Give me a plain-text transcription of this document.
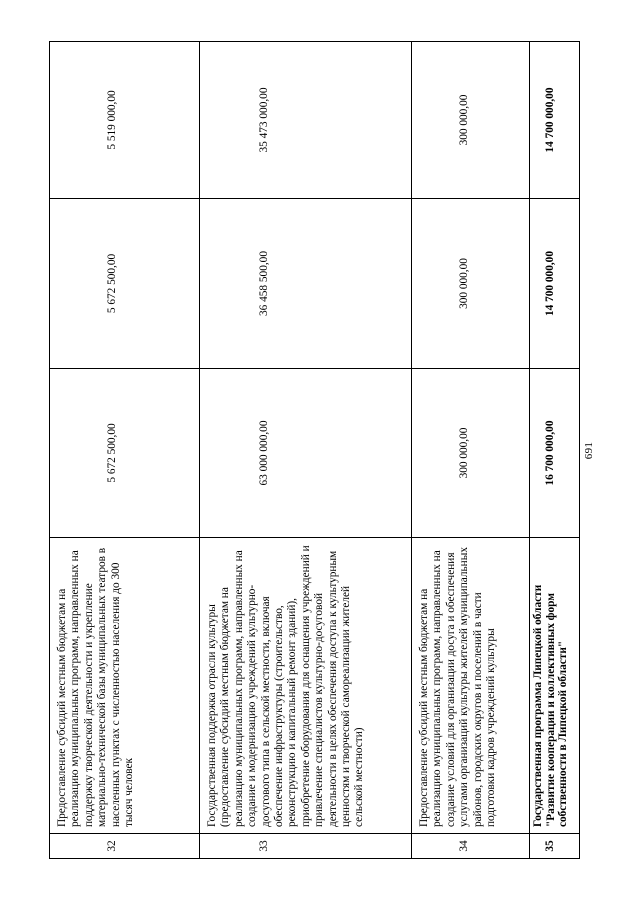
32	Предоставление субсидий местным бюджетам на реализацию муниципальных программ, направленных на поддержку творческой деятельности и укрепление материально-технической базы муниципальных театров в населенных пунктах с численностью населения до 300 тысяч человек	5 672 500,00	5 672 500,00	5 519 000,00
33	Государственная поддержка отрасли культуры (предоставление субсидий местным бюджетам на реализацию муниципальных программ, направленных на создание и модернизацию учреждений культурно-досугового типа в сельской местности, включая обеспечение инфраструктуры (строительство, реконструкцию и капитальный ремонт зданий), приобретение оборудования для оснащения учреждений и привлечение специалистов культурно-досуговой деятельности в целях обеспечения доступа к культурным ценностям и творческой самореализации жителей сельской местности)	63 000 000,00	36 458 500,00	35 473 000,00
34	Предоставление субсидий местным бюджетам на реализацию муниципальных программ, направленных на создание условий для организации досуга и обеспечения услугами организаций культуры жителей муниципальных районов, городских округов и поселений в части подготовки кадров учреждений культуры	300 000,00	300 000,00	300 000,00
35	Государственная программа Липецкой области "Развитие кооперации и коллективных форм собственности в Липецкой области"	16 700 000,00	14 700 000,00	14 700 000,00
691
